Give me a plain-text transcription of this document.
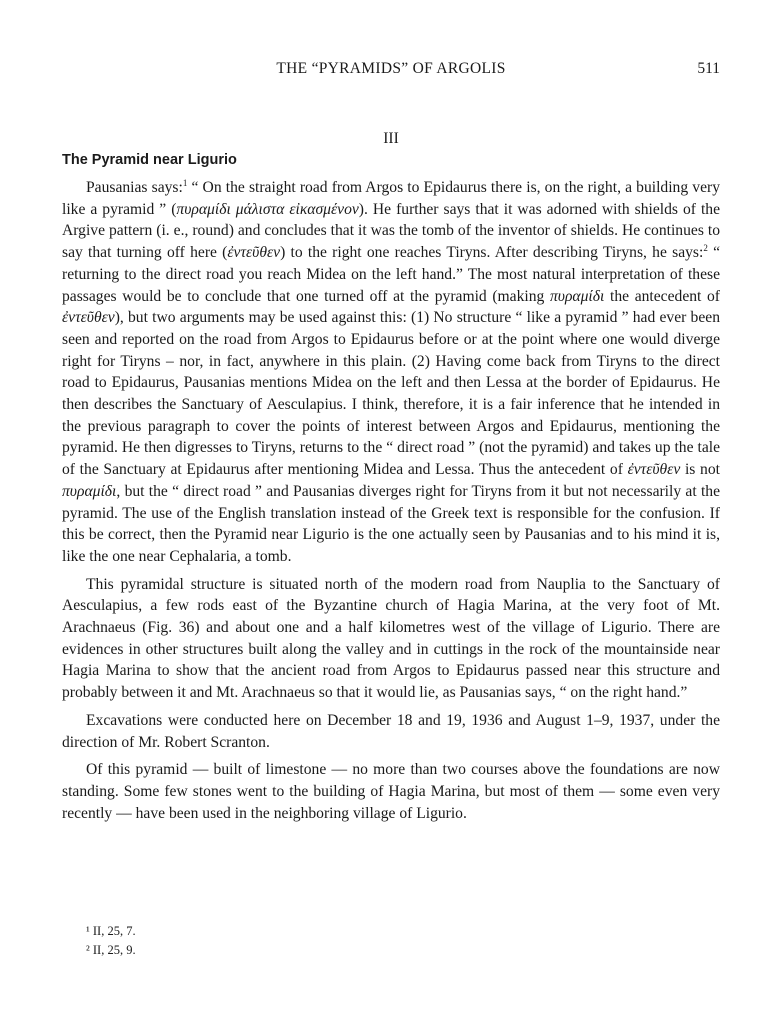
THE “PYRAMIDS” OF ARGOLIS	511
III
The Pyramid near Ligurio

Pausanias says:$^1$ “ On the straight road from Argos to Epidaurus there is, on the right, a building very like a pyramid ” (πυραμίδι μάλιστα εἰκασμένον). He further says that it was adorned with shields of the Argive pattern (i. e., round) and concludes that it was the tomb of the inventor of shields. He continues to say that turning off here (ἐντεῦθεν) to the right one reaches Tiryns. After describing Tiryns, he says:$^2$ “ returning to the direct road you reach Midea on the left hand.” The most natural interpretation of these passages would be to conclude that one turned off at the pyramid (making πυραμίδι the antecedent of ἐντεῦθεν), but two arguments may be used against this: (1) No structure “ like a pyramid ” had ever been seen and reported on the road from Argos to Epidaurus before or at the point where one would diverge right for Tiryns – nor, in fact, anywhere in this plain. (2) Having come back from Tiryns to the direct road to Epidaurus, Pausanias mentions Midea on the left and then Lessa at the border of Epidaurus. He then describes the Sanctuary of Aesculapius. I think, therefore, it is a fair inference that he intended in the previous paragraph to cover the points of interest between Argos and Epidaurus, mentioning the pyramid. He then digresses to Tiryns, returns to the “ direct road ” (not the pyramid) and takes up the tale of the Sanctuary at Epidaurus after mentioning Midea and Lessa. Thus the antecedent of ἐντεῦθεν is not πυραμίδι, but the “ direct road ” and Pausanias diverges right for Tiryns from it but not necessarily at the pyramid. The use of the English translation instead of the Greek text is responsible for the confusion. If this be correct, then the Pyramid near Ligurio is the one actually seen by Pausanias and to his mind it is, like the one near Cephalaria, a tomb.

This pyramidal structure is situated north of the modern road from Nauplia to the Sanctuary of Aesculapius, a few rods east of the Byzantine church of Hagia Marina, at the very foot of Mt. Arachnaeus (Fig. 36) and about one and a half kilometres west of the village of Ligurio. There are evidences in other structures built along the valley and in cuttings in the rock of the mountainside near Hagia Marina to show that the ancient road from Argos to Epidaurus passed near this structure and probably between it and Mt. Arachnaeus so that it would lie, as Pausanias says, “ on the right hand.”

Excavations were conducted here on December 18 and 19, 1936 and August 1–9, 1937, under the direction of Mr. Robert Scranton.

Of this pyramid — built of limestone — no more than two courses above the foundations are now standing. Some few stones went to the building of Hagia Marina, but most of them — some even very recently — have been used in the neighboring village of Ligurio.

¹ II, 25, 7.
² II, 25, 9.
